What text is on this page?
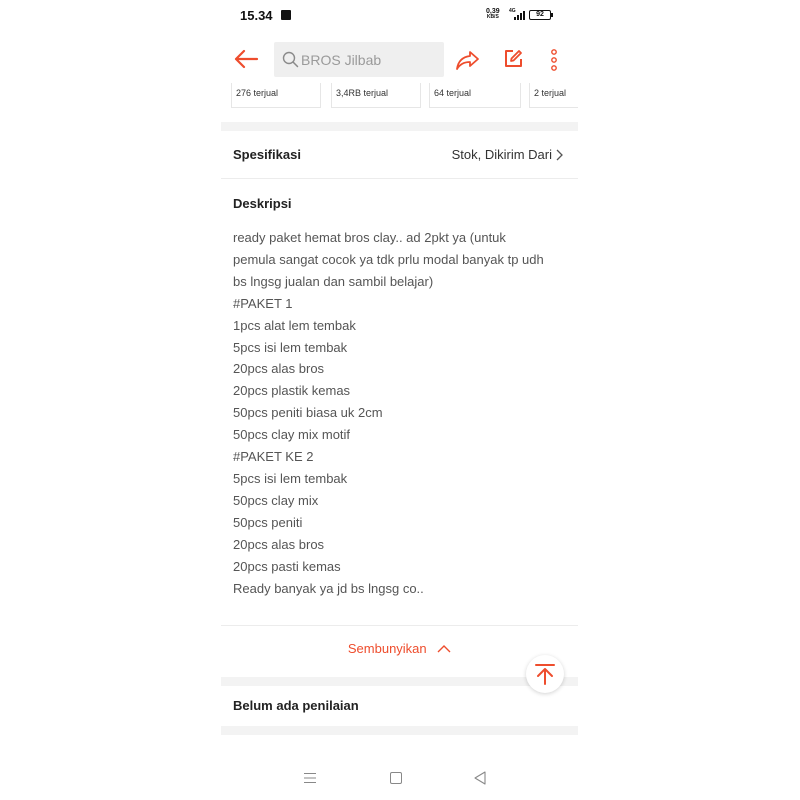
15.34	0,39
KB/S
4G	92
BROS Jilbab
276 terjual	3,4RB terjual	64 terjual	2 terjual
Spesifikasi	Stok, Dikirim Dari
Deskripsi
ready paket hemat bros clay.. ad 2pkt ya (untuk
pemula sangat cocok ya tdk prlu modal banyak tp udh
bs lngsg jualan dan sambil belajar)
#PAKET 1
1pcs alat lem tembak
5pcs isi lem tembak
20pcs alas bros
20pcs plastik kemas
50pcs peniti biasa uk 2cm
50pcs clay mix motif
#PAKET KE 2
5pcs isi lem tembak
50pcs clay mix
50pcs peniti
20pcs alas bros
20pcs pasti kemas
Ready banyak ya jd bs lngsg co..
Sembunyikan
Belum ada penilaian
